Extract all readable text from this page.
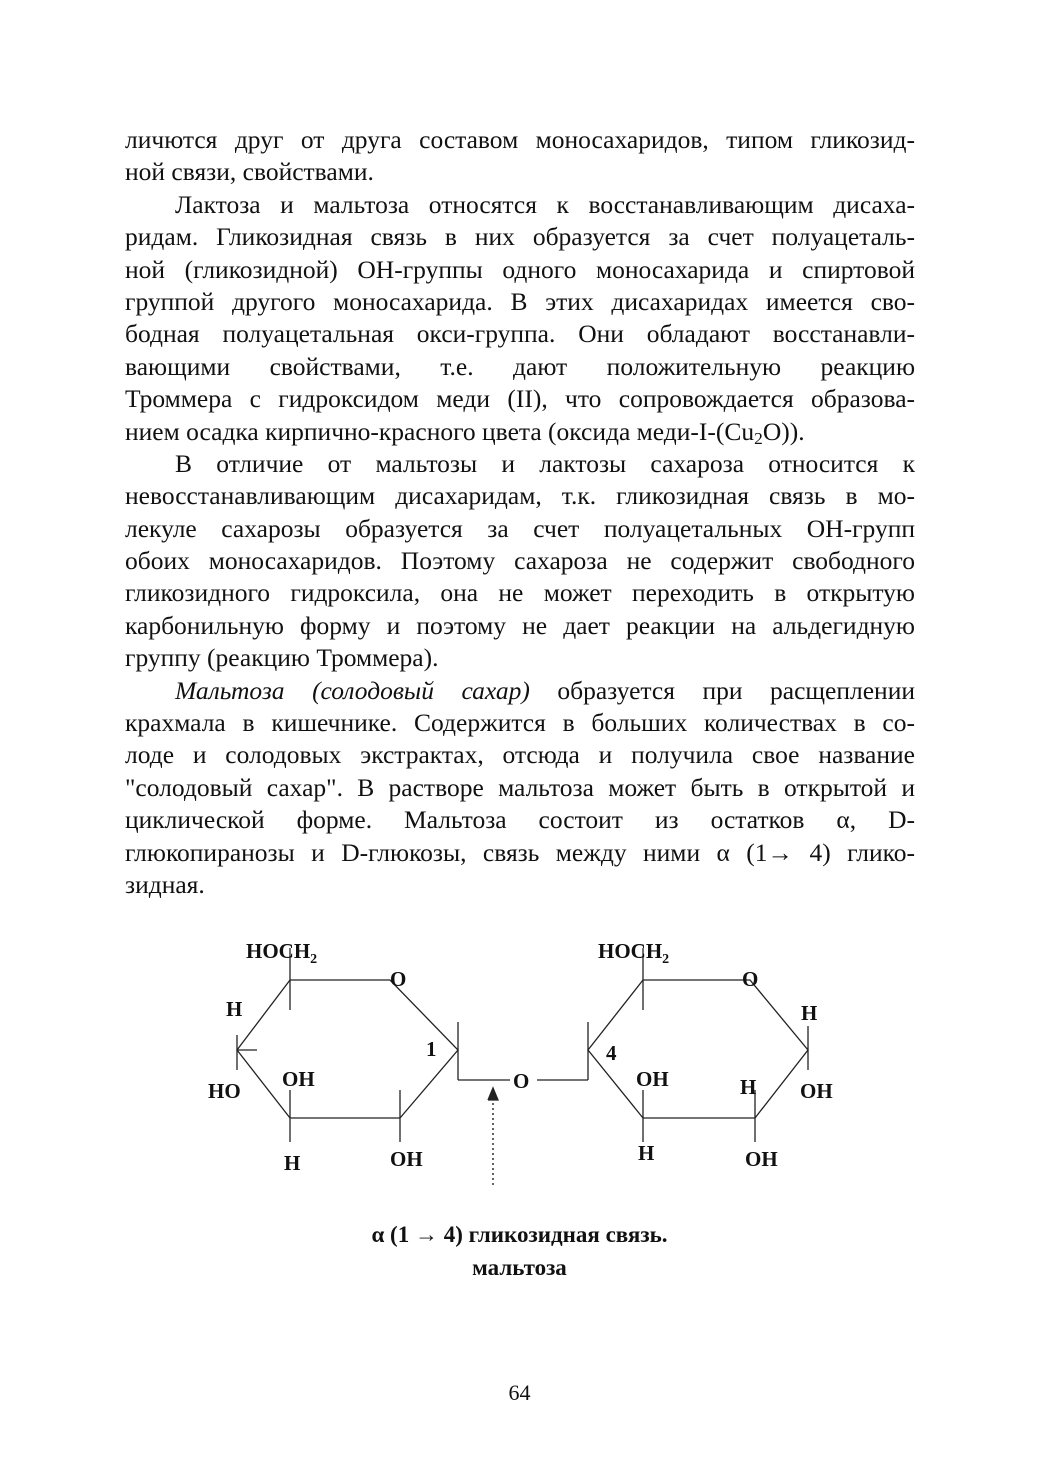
личются друг от друга составом моносахаридов, типом гликозид-
ной связи, свойствами.
Лактоза и мальтоза относятся к восстанавливающим дисаха-
ридам. Гликозидная связь в них образуется за счет полуацеталь-
ной (гликозидной) ОН-группы одного моносахарида и спиртовой
группой другого моносахарида. В этих дисахаридах имеется сво-
бодная полуацетальная окси-группа. Они обладают восстанавли-
вающими свойствами, т.е. дают положительную реакцию
Троммера с гидроксидом меди (II), что сопровождается образова-
нием осадка кирпично-красного цвета (оксида меди-$I-(Cu_2O)$).
В отличие от мальтозы и лактозы сахароза относится к
невосстанавливающим дисахаридам, т.к. гликозидная связь в мо-
лекуле сахарозы образуется за счет полуацетальных ОН-групп
обоих моносахаридов. Поэтому сахароза не содержит свободного
гликозидного гидроксила, она не может переходить в открытую
карбонильную форму и поэтому не дает реакции на альдегидную
группу (реакцию Троммера).
Мальтоза (солодовый сахар) образуется при расщеплении
крахмала в кишечнике. Содержится в больших количествах в со-
лоде и солодовых экстрактах, отсюда и получила свое название
"солодовый сахар". В растворе мальтоза может быть в открытой и
циклической форме. Мальтоза состоит из остатков α, D-
глюкопиранозы и D-глюкозы, связь между ними α (1→ 4) глико-
зидная.
$HOCH_2$
O
H
HO OH
1
H	OH
O
$HOCH_2$
O
H
4
OH	H OH
H	OH
α (1 → 4) гликозидная связь.
мальтоза
64
